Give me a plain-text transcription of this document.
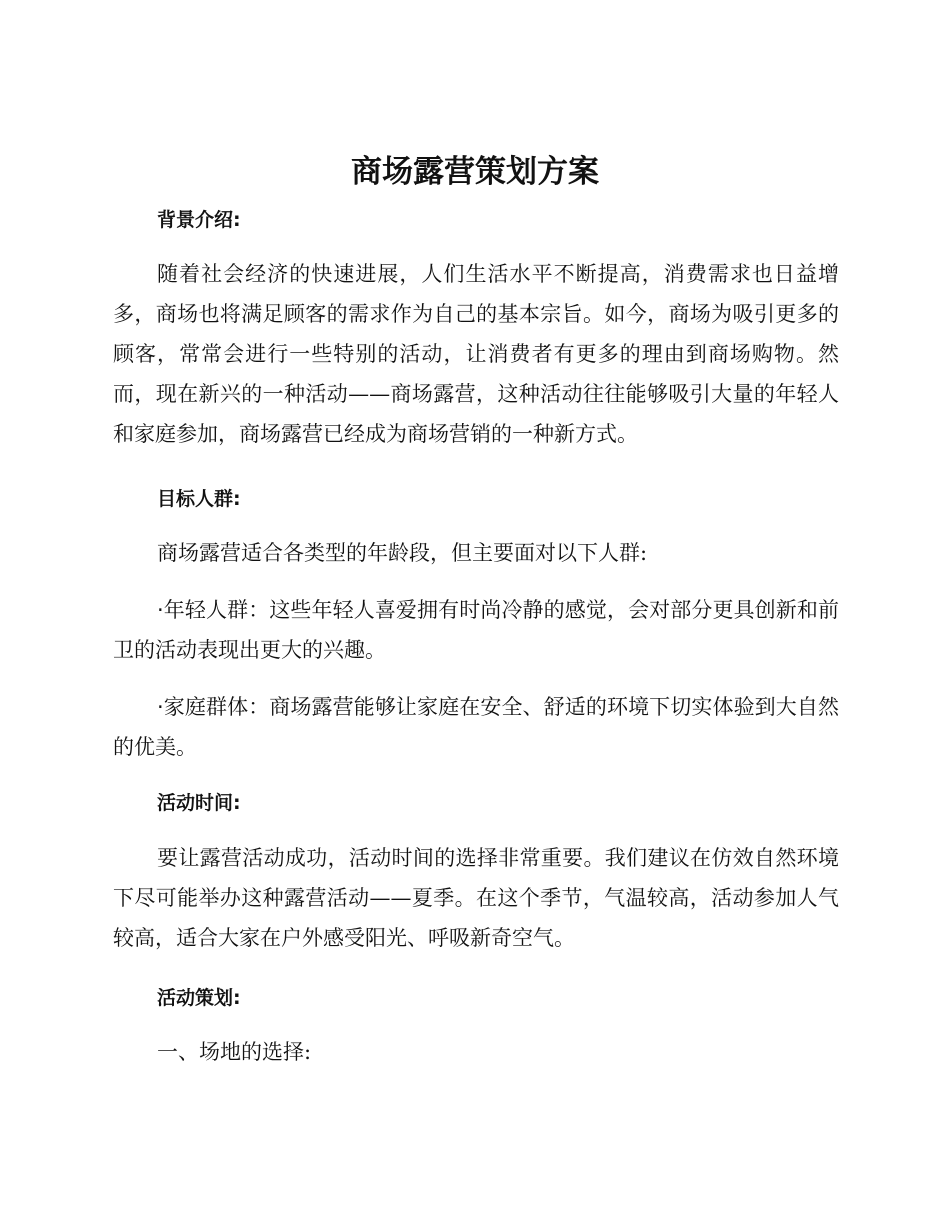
商场露营策划方案
背景介绍:

随着社会经济的快速进展，人们生活水平不断提高，消费需求也日益增多，商场也将满足顾客的需求作为自己的基本宗旨。如今，商场为吸引更多的顾客，常常会进行一些特别的活动，让消费者有更多的理由到商场购物。然而，现在新兴的一种活动——商场露营，这种活动往往能够吸引大量的年轻人和家庭参加，商场露营已经成为商场营销的一种新方式。

目标人群:

商场露营适合各类型的年龄段，但主要面对以下人群:

·年轻人群：这些年轻人喜爱拥有时尚冷静的感觉，会对部分更具创新和前卫的活动表现出更大的兴趣。

·家庭群体：商场露营能够让家庭在安全、舒适的环境下切实体验到大自然的优美。

活动时间:

要让露营活动成功，活动时间的选择非常重要。我们建议在仿效自然环境下尽可能举办这种露营活动——夏季。在这个季节，气温较高，活动参加人气较高，适合大家在户外感受阳光、呼吸新奇空气。

活动策划:

一、场地的选择:
